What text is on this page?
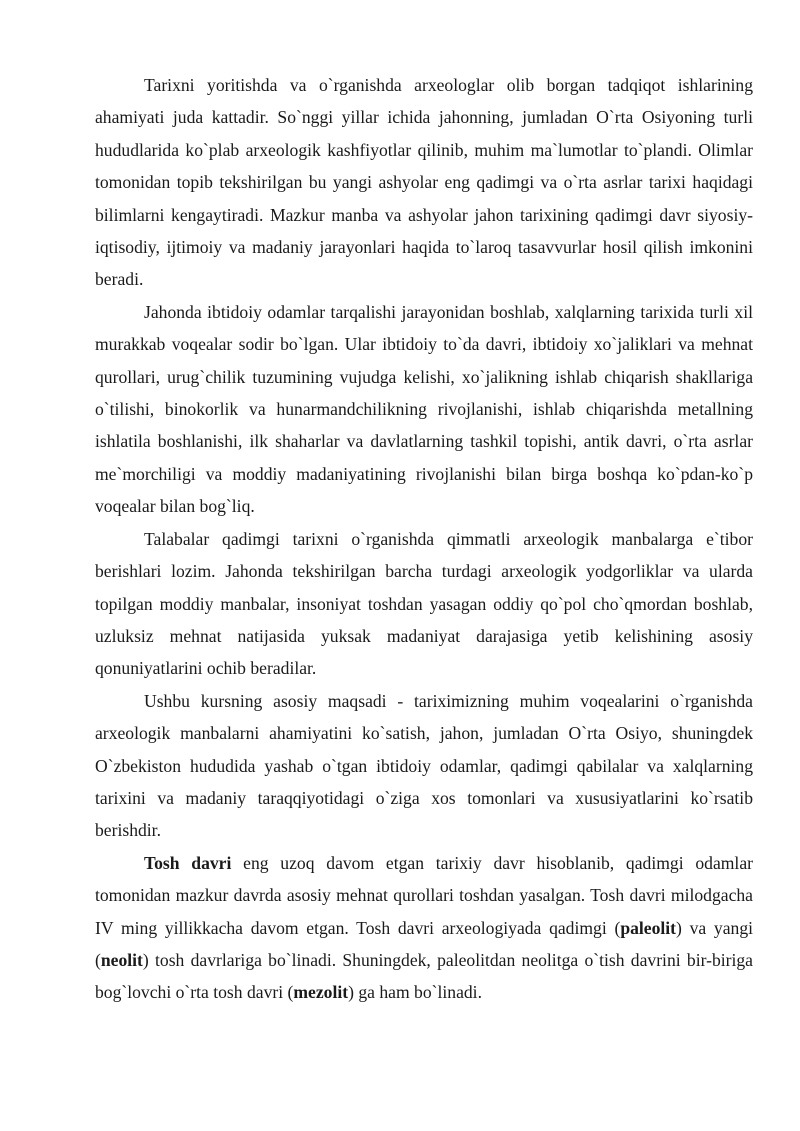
Tarixni yoritishda va o`rganishda arxeologlar olib borgan tadqiqot ishlarining ahamiyati juda kattadir. So`nggi yillar ichida jahonning, jumladan O`rta Osiyoning turli hududlarida ko`plab arxeologik kashfiyotlar qilinib, muhim ma`lumotlar to`plandi. Olimlar tomonidan topib tekshirilgan bu yangi ashyolar eng qadimgi va o`rta asrlar tarixi haqidagi bilimlarni kengaytiradi. Mazkur manba va ashyolar jahon tarixining qadimgi davr siyosiy-iqtisodiy, ijtimoiy va madaniy jarayonlari haqida to`laroq tasavvurlar hosil qilish imkonini beradi.

Jahonda ibtidoiy odamlar tarqalishi jarayonidan boshlab, xalqlarning tarixida turli xil murakkab voqealar sodir bo`lgan. Ular ibtidoiy to`da davri, ibtidoiy xo`jaliklari va mehnat qurollari, urug`chilik tuzumining vujudga kelishi, xo`jalikning ishlab chiqarish shakllariga o`tilishi, binokorlik va hunarmandchilikning rivojlanishi, ishlab chiqarishda metallning ishlatila boshlanishi, ilk shaharlar va davlatlarning tashkil topishi, antik davri, o`rta asrlar me`morchiligi va moddiy madaniyatining rivojlanishi bilan birga boshqa ko`pdan-ko`p voqealar bilan bog`liq.

Talabalar qadimgi tarixni o`rganishda qimmatli arxeologik manbalarga e`tibor berishlari lozim. Jahonda tekshirilgan barcha turdagi arxeologik yodgorliklar va ularda topilgan moddiy manbalar, insoniyat toshdan yasagan oddiy qo`pol cho`qmordan boshlab, uzluksiz mehnat natijasida yuksak madaniyat darajasiga yetib kelishining asosiy qonuniyatlarini ochib beradilar.

Ushbu kursning asosiy maqsadi - tariximizning muhim voqealarini o`rganishda arxeologik manbalarni ahamiyatini ko`satish, jahon, jumladan O`rta Osiyo, shuningdek O`zbekiston hududida yashab o`tgan ibtidoiy odamlar, qadimgi qabilalar va xalqlarning tarixini va madaniy taraqqiyotidagi o`ziga xos tomonlari va xususiyatlarini ko`rsatib berishdir.

Tosh davri eng uzoq davom etgan tarixiy davr hisoblanib, qadimgi odamlar tomonidan mazkur davrda asosiy mehnat qurollari toshdan yasalgan. Tosh davri milodgacha IV ming yillikkacha davom etgan. Tosh davri arxeologiyada qadimgi (paleolit) va yangi (neolit) tosh davrlariga bo`linadi. Shuningdek, paleolitdan neolitga o`tish davrini bir-biriga bog`lovchi o`rta tosh davri (mezolit) ga ham bo`linadi.
